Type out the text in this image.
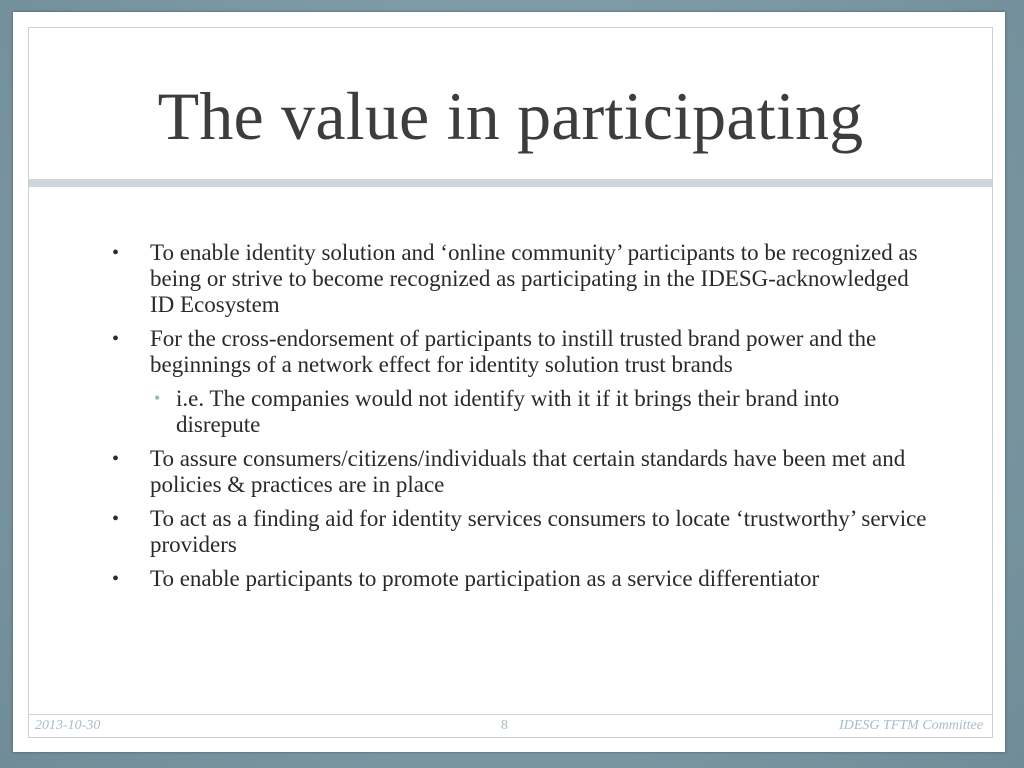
The value in participating
• To enable identity solution and ‘online community’ participants to be recognized as being or strive to become recognized as participating in the IDESG-acknowledged ID Ecosystem
• For the cross-endorsement of participants to instill trusted brand power and the beginnings of a network effect for identity solution trust brands
• i.e. The companies would not identify with it if it brings their brand into disrepute
• To assure consumers/citizens/individuals that certain standards have been met and policies & practices are in place
• To act as a finding aid for identity services consumers to locate ‘trustworthy’ service providers
• To enable participants to promote participation as a service differentiator
2013-10-30	8	IDESG TFTM Committee
